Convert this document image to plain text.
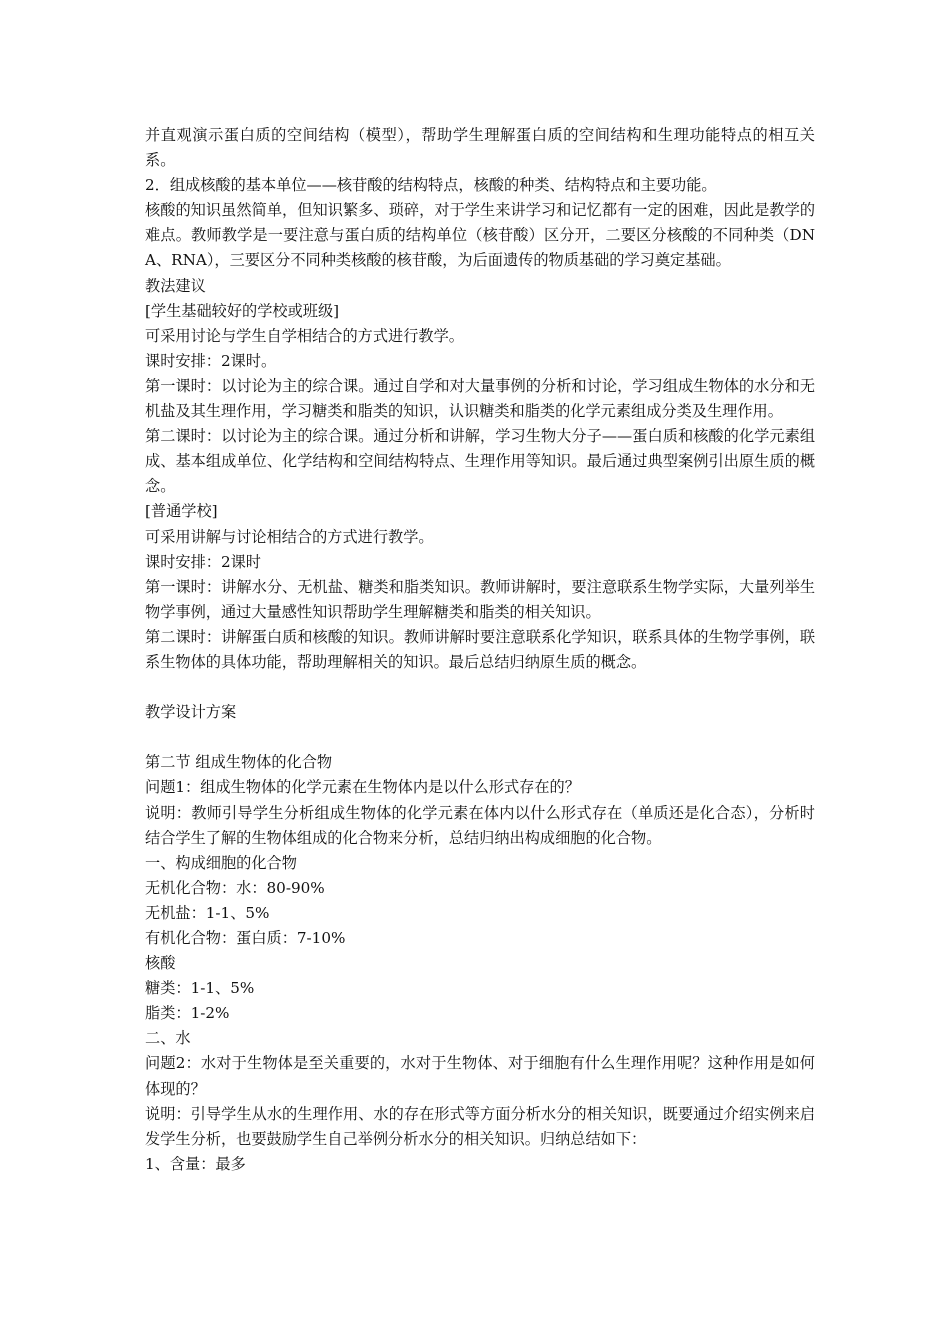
并直观演示蛋白质的空间结构（模型），帮助学生理解蛋白质的空间结构和生理功能特点的相互关系。

2．组成核酸的基本单位——核苷酸的结构特点，核酸的种类、结构特点和主要功能。

核酸的知识虽然简单，但知识繁多、琐碎，对于学生来讲学习和记忆都有一定的困难，因此是教学的难点。教师教学是一要注意与蛋白质的结构单位（核苷酸）区分开，二要区分核酸的不同种类（DNA、RNA），三要区分不同种类核酸的核苷酸，为后面遗传的物质基础的学习奠定基础。

教法建议

[学生基础较好的学校或班级]

可采用讨论与学生自学相结合的方式进行教学。

课时安排：2课时。

第一课时：以讨论为主的综合课。通过自学和对大量事例的分析和讨论，学习组成生物体的水分和无机盐及其生理作用，学习糖类和脂类的知识，认识糖类和脂类的化学元素组成分类及生理作用。

第二课时：以讨论为主的综合课。通过分析和讲解，学习生物大分子——蛋白质和核酸的化学元素组成、基本组成单位、化学结构和空间结构特点、生理作用等知识。最后通过典型案例引出原生质的概念。

[普通学校]

可采用讲解与讨论相结合的方式进行教学。

课时安排：2课时

第一课时：讲解水分、无机盐、糖类和脂类知识。教师讲解时，要注意联系生物学实际，大量列举生物学事例，通过大量感性知识帮助学生理解糖类和脂类的相关知识。

第二课时：讲解蛋白质和核酸的知识。教师讲解时要注意联系化学知识，联系具体的生物学事例，联系生物体的具体功能，帮助理解相关的知识。最后总结归纳原生质的概念。

教学设计方案

第二节 组成生物体的化合物

问题1：组成生物体的化学元素在生物体内是以什么形式存在的？

说明：教师引导学生分析组成生物体的化学元素在体内以什么形式存在（单质还是化合态），分析时结合学生了解的生物体组成的化合物来分析，总结归纳出构成细胞的化合物。

一、构成细胞的化合物

无机化合物：水：80-90%

无机盐：1-1、5%

有机化合物：蛋白质：7-10%

核酸

糖类：1-1、5%

脂类：1-2%

二、水

问题2：水对于生物体是至关重要的，水对于生物体、对于细胞有什么生理作用呢？这种作用是如何体现的？

说明：引导学生从水的生理作用、水的存在形式等方面分析水分的相关知识，既要通过介绍实例来启发学生分析，也要鼓励学生自己举例分析水分的相关知识。归纳总结如下：

1、含量：最多
